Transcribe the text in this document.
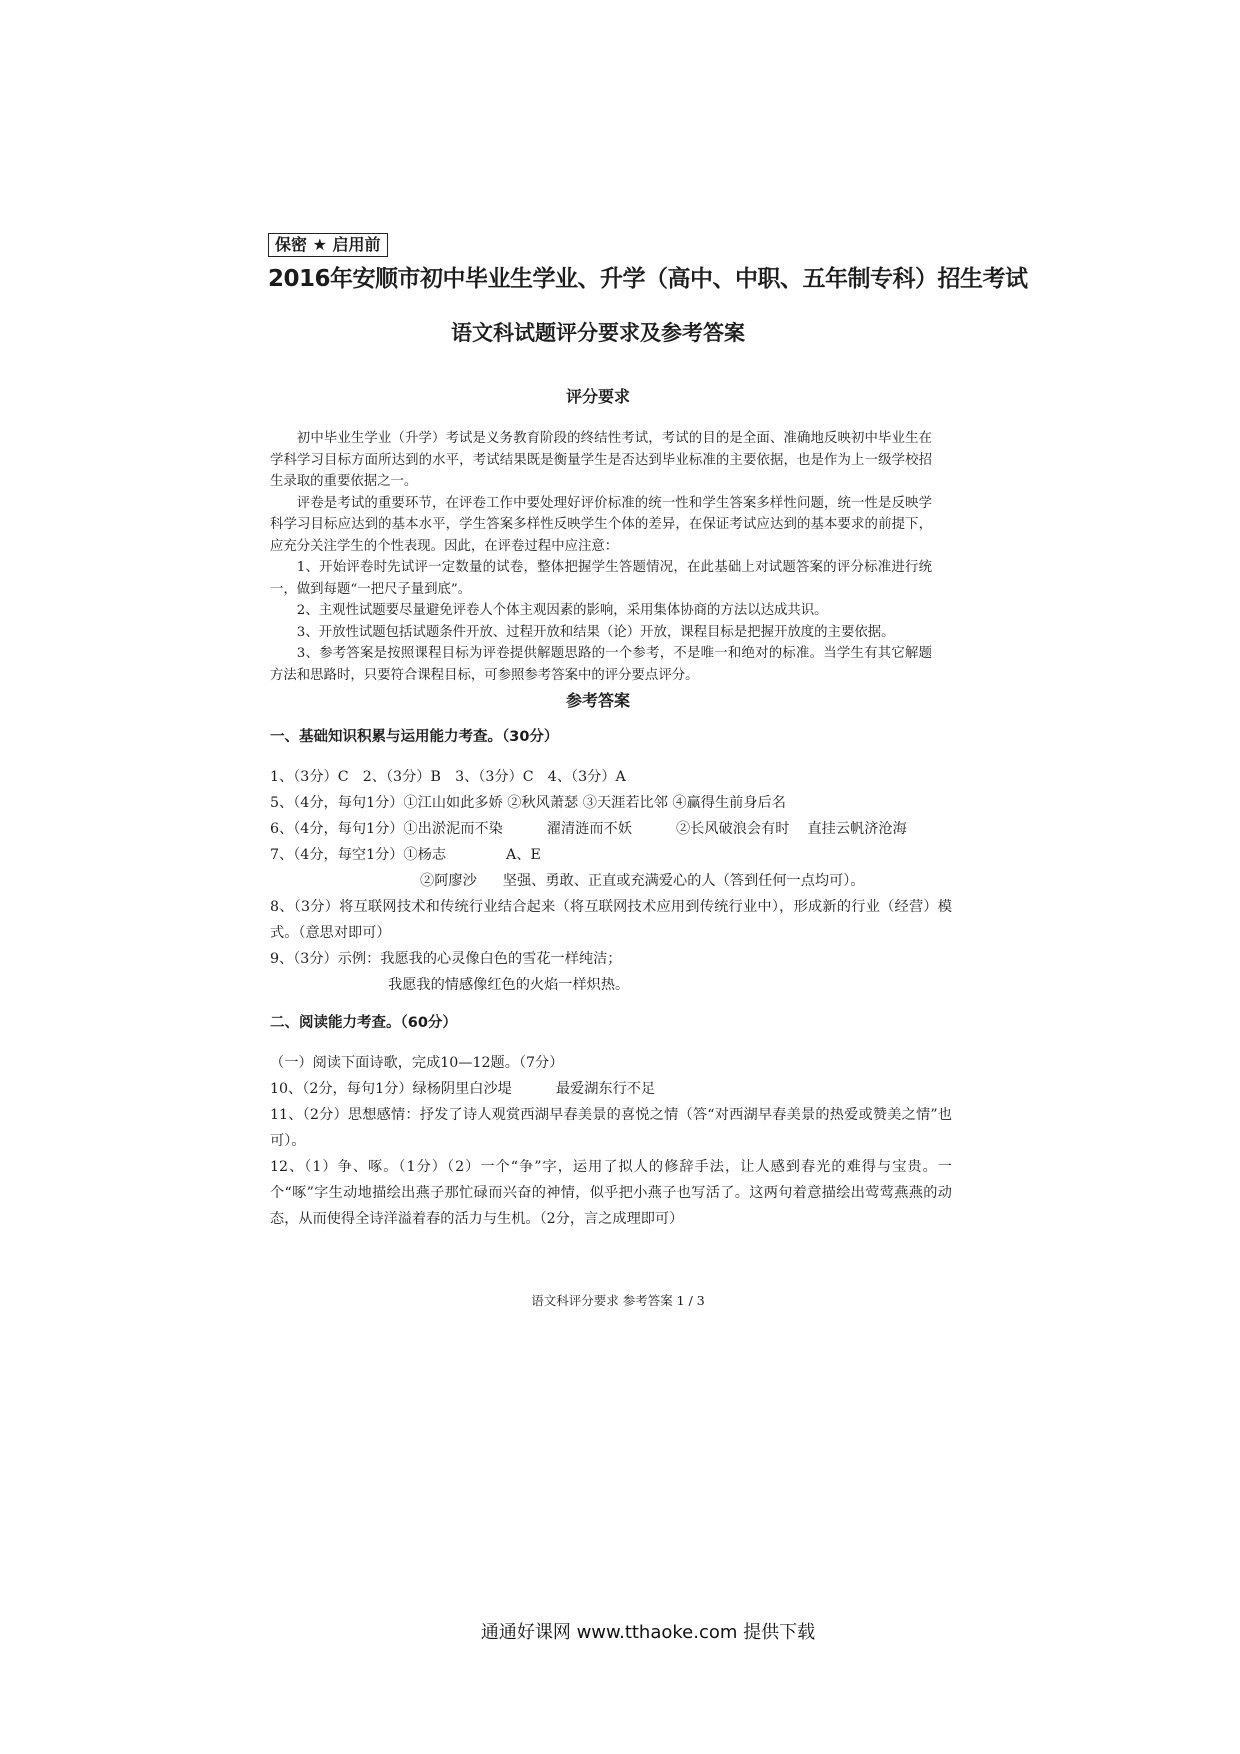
保密 ★ 启用前
2016年安顺市初中毕业生学业、升学（高中、中职、五年制专科）招生考试
语文科试题评分要求及参考答案
评分要求

初中毕业生学业（升学）考试是义务教育阶段的终结性考试，考试的目的是全面、准确地反映初中毕业生在学科学习目标方面所达到的水平，考试结果既是衡量学生是否达到毕业标准的主要依据，也是作为上一级学校招生录取的重要依据之一。

评卷是考试的重要环节，在评卷工作中要处理好评价标准的统一性和学生答案多样性问题，统一性是反映学科学习目标应达到的基本水平，学生答案多样性反映学生个体的差异，在保证考试应达到的基本要求的前提下，应充分关注学生的个性表现。因此，在评卷过程中应注意：

1、开始评卷时先试评一定数量的试卷，整体把握学生答题情况，在此基础上对试题答案的评分标准进行统一，做到每题“一把尺子量到底”。

2、主观性试题要尽量避免评卷人个体主观因素的影响，采用集体协商的方法以达成共识。

3、开放性试题包括试题条件开放、过程开放和结果（论）开放，课程目标是把握开放度的主要依据。

3、参考答案是按照课程目标为评卷提供解题思路的一个参考，不是唯一和绝对的标准。当学生有其它解题方法和思路时，只要符合课程目标，可参照参考答案中的评分要点评分。

参考答案
一、基础知识积累与运用能力考查。（30分）

1、（3分）C　2、（3分）B　3、（3分）C　4、（3分）A

5、（4分，每句1分）①江山如此多娇 ②秋风萧瑟 ③天涯若比邻 ④赢得生前身后名

6、（4分，每句1分）①出淤泥而不染	濯清涟而不妖	②长风破浪会有时 直挂云帆济沧海

7、（4分，每空1分）①杨志	A、E

②阿廖沙 坚强、勇敢、正直或充满爱心的人（答到任何一点均可）。

8、（3分）将互联网技术和传统行业结合起来（将互联网技术应用到传统行业中），形成新的行业（经营）模式。（意思对即可）

9、（3分）示例：我愿我的心灵像白色的雪花一样纯洁；

我愿我的情感像红色的火焰一样炽热。

二、阅读能力考查。（60分）

（一）阅读下面诗歌，完成10—12题。（7分）

10、（2分，每句1分）绿杨阴里白沙堤	最爱湖东行不足

11、（2分）思想感情：抒发了诗人观赏西湖早春美景的喜悦之情（答“对西湖早春美景的热爱或赞美之情”也可）。

12、（1）争、啄。（1分）（2）一个“争”字，运用了拟人的修辞手法，让人感到春光的难得与宝贵。一个“啄”字生动地描绘出燕子那忙碌而兴奋的神情，似乎把小燕子也写活了。这两句着意描绘出莺莺燕燕的动态，从而使得全诗洋溢着春的活力与生机。（2分，言之成理即可）

语文科评分要求 参考答案 1 / 3
通通好课网 www.tthaoke.com 提供下载
